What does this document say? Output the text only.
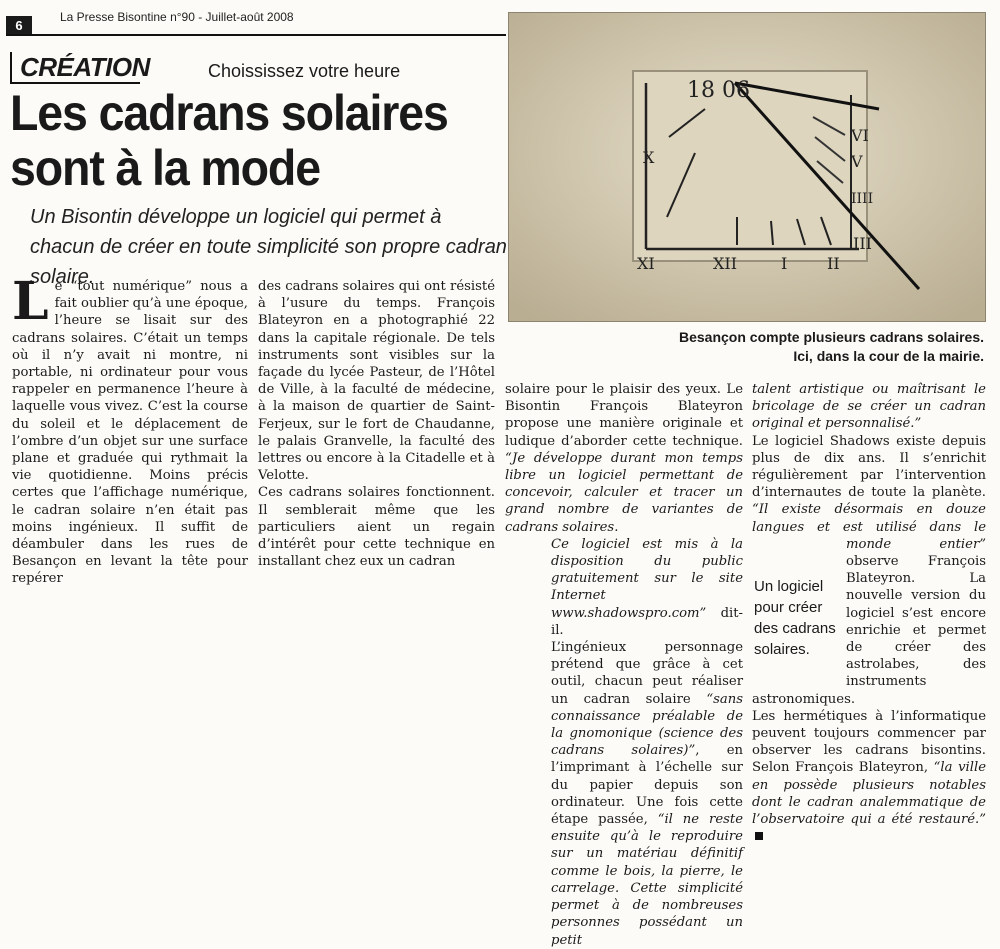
6
La Presse Bisontine n°90 - Juillet-août 2008
CRÉATION	Choississez votre heure
Les cadrans solaires
sont à la mode
Un Bisontin développe un logiciel qui permet à chacun de créer en toute simplicité son propre cadran solaire.
18 06
X
XI	XII	I II
III
IIII
V
VI
Besançon compte plusieurs cadrans solaires.
Ici, dans la cour de la mairie.
Le “tout numérique” nous a fait oublier qu’à une époque, l’heure se lisait sur des cadrans solaires. C’était un temps où il n’y avait ni montre, ni portable, ni ordinateur pour vous rappeler en permanence l’heure à laquelle vous vivez. C’est la course du soleil et le déplacement de l’ombre d’un objet sur une surface plane et graduée qui rythmait la vie quotidienne. Moins précis certes que l’affichage numérique, le cadran solaire n’en était pas moins ingénieux. Il suffit de déambuler dans les rues de Besançon en levant la tête pour repérer

des cadrans solaires qui ont résisté à l’usure du temps. François Blateyron en a photographié 22 dans la capitale régionale. De tels instruments sont visibles sur la façade du lycée Pasteur, de l’Hôtel de Ville, à la faculté de médecine, à la maison de quartier de Saint-Ferjeux, sur le fort de Chaudanne, le palais Granvelle, la faculté des lettres ou encore à la Citadelle et à Velotte.

Ces cadrans solaires fonctionnent. Il semblerait même que les particuliers aient un regain d’intérêt pour cette technique en installant chez eux un cadran

solaire pour le plaisir des yeux. Le Bisontin François Blateyron propose une manière originale et ludique d’aborder cette technique. “Je développe durant mon temps libre un logiciel permettant de concevoir, calculer et tracer un grand nombre de variantes de cadrans solaires.

Ce logiciel est mis à la disposition du public gratuitement sur le site Internet www.shadowspro.com” dit-il.

L’ingénieux personnage prétend que grâce à cet outil, chacun peut réaliser un cadran solaire “sans connaissance préalable de la gnomonique (science des cadrans solaires)”, en l’imprimant à l’échelle sur du papier depuis son ordinateur. Une fois cette étape passée, “il ne reste ensuite qu’à le reproduire sur un matériau définitif comme le bois, la pierre, le carrelage. Cette simplicité permet à de nombreuses personnes possédant un petit

talent artistique ou maîtrisant le bricolage de se créer un cadran original et personnalisé.”

Le logiciel Shadows existe depuis plus de dix ans. Il s’enrichit régulièrement par l’intervention d’internautes de toute la planète. “Il existe désormais en douze langues et est utilisé dans le monde entier”
observe François Blateyron. La nouvelle version du logiciel s’est encore enrichie et permet de créer des astrolabes, des instruments astronomiques.

Les hermétiques à l’informatique peuvent toujours commencer par observer les cadrans bisontins. Selon François Blateyron, “la ville en possède plusieurs notables dont le cadran analemmatique de l’observatoire qui a été restauré.”

Un logiciel pour créer des cadrans solaires.
